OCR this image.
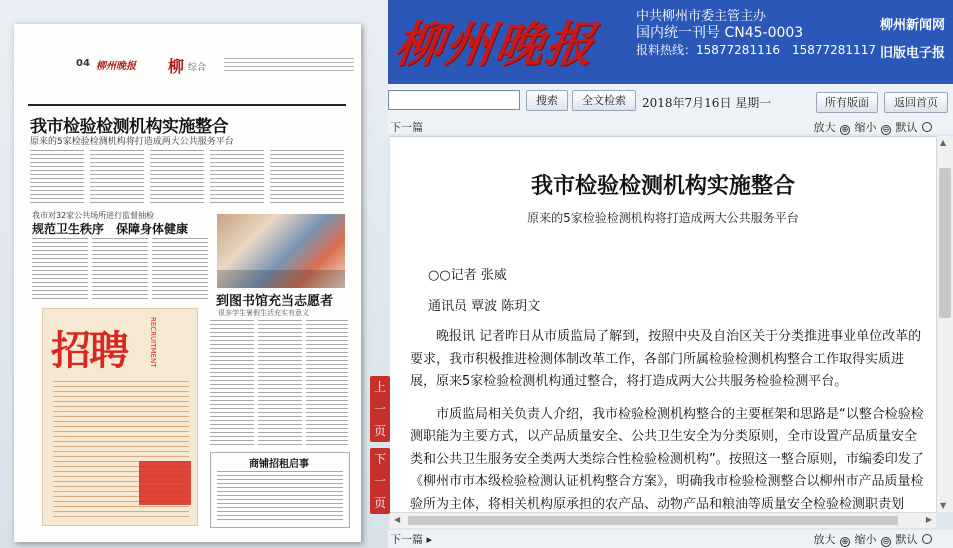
04 柳州晚报 柳 综合
我市检验检测机构实施整合
原来的5家检验检测机构将打造成两大公共服务平台
我市对32家公共场所进行监督抽检
规范卫生秩序　保障身体健康
到图书馆充当志愿者
很多学生暑假生活充实有意义
招聘	RECRUITMENT
商铺招租启事
柳州晚报
中共柳州市委主管主办
国内统一刊号 CN45-0003
报料热线：15877281116　15877281117
柳州新闻网
旧版电子报
搜索	全文检索	2018年7月16日 星期一	所有版面	返回首页
下一篇	放大 ⊕ 缩小 ⊖ 默认
我市检验检测机构实施整合
原来的5家检验检测机构将打造成两大公共服务平台

○○记者 张威

通讯员 覃波 陈玥文

晚报讯 记者昨日从市质监局了解到，按照中央及自治区关于分类推进事业单位改革的要求，我市积极推进检测体制改革工作，各部门所属检验检测机构整合工作取得实质进展，原来5家检验检测机构通过整合，将打造成两大公共服务检验检测平台。

市质监局相关负责人介绍，我市检验检测机构整合的主要框架和思路是“以整合检验检测职能为主要方式，以产品质量安全、公共卫生安全为分类原则，全市设置产品质量安全类和公共卫生服务安全类两大类综合性检验检测机构”。按照这一整合原则，市编委印发了《柳州市市本级检验检测认证机构整合方案》，明确我市检验检测整合以柳州市产品质量检验所为主体，将相关机构原承担的农产品、动物产品和粮油等质量安全检验检测职责划

▲
▼
◀	▶
下一篇 ▸	放大 ⊕ 缩小 ⊖ 默认
上一页
下一页
